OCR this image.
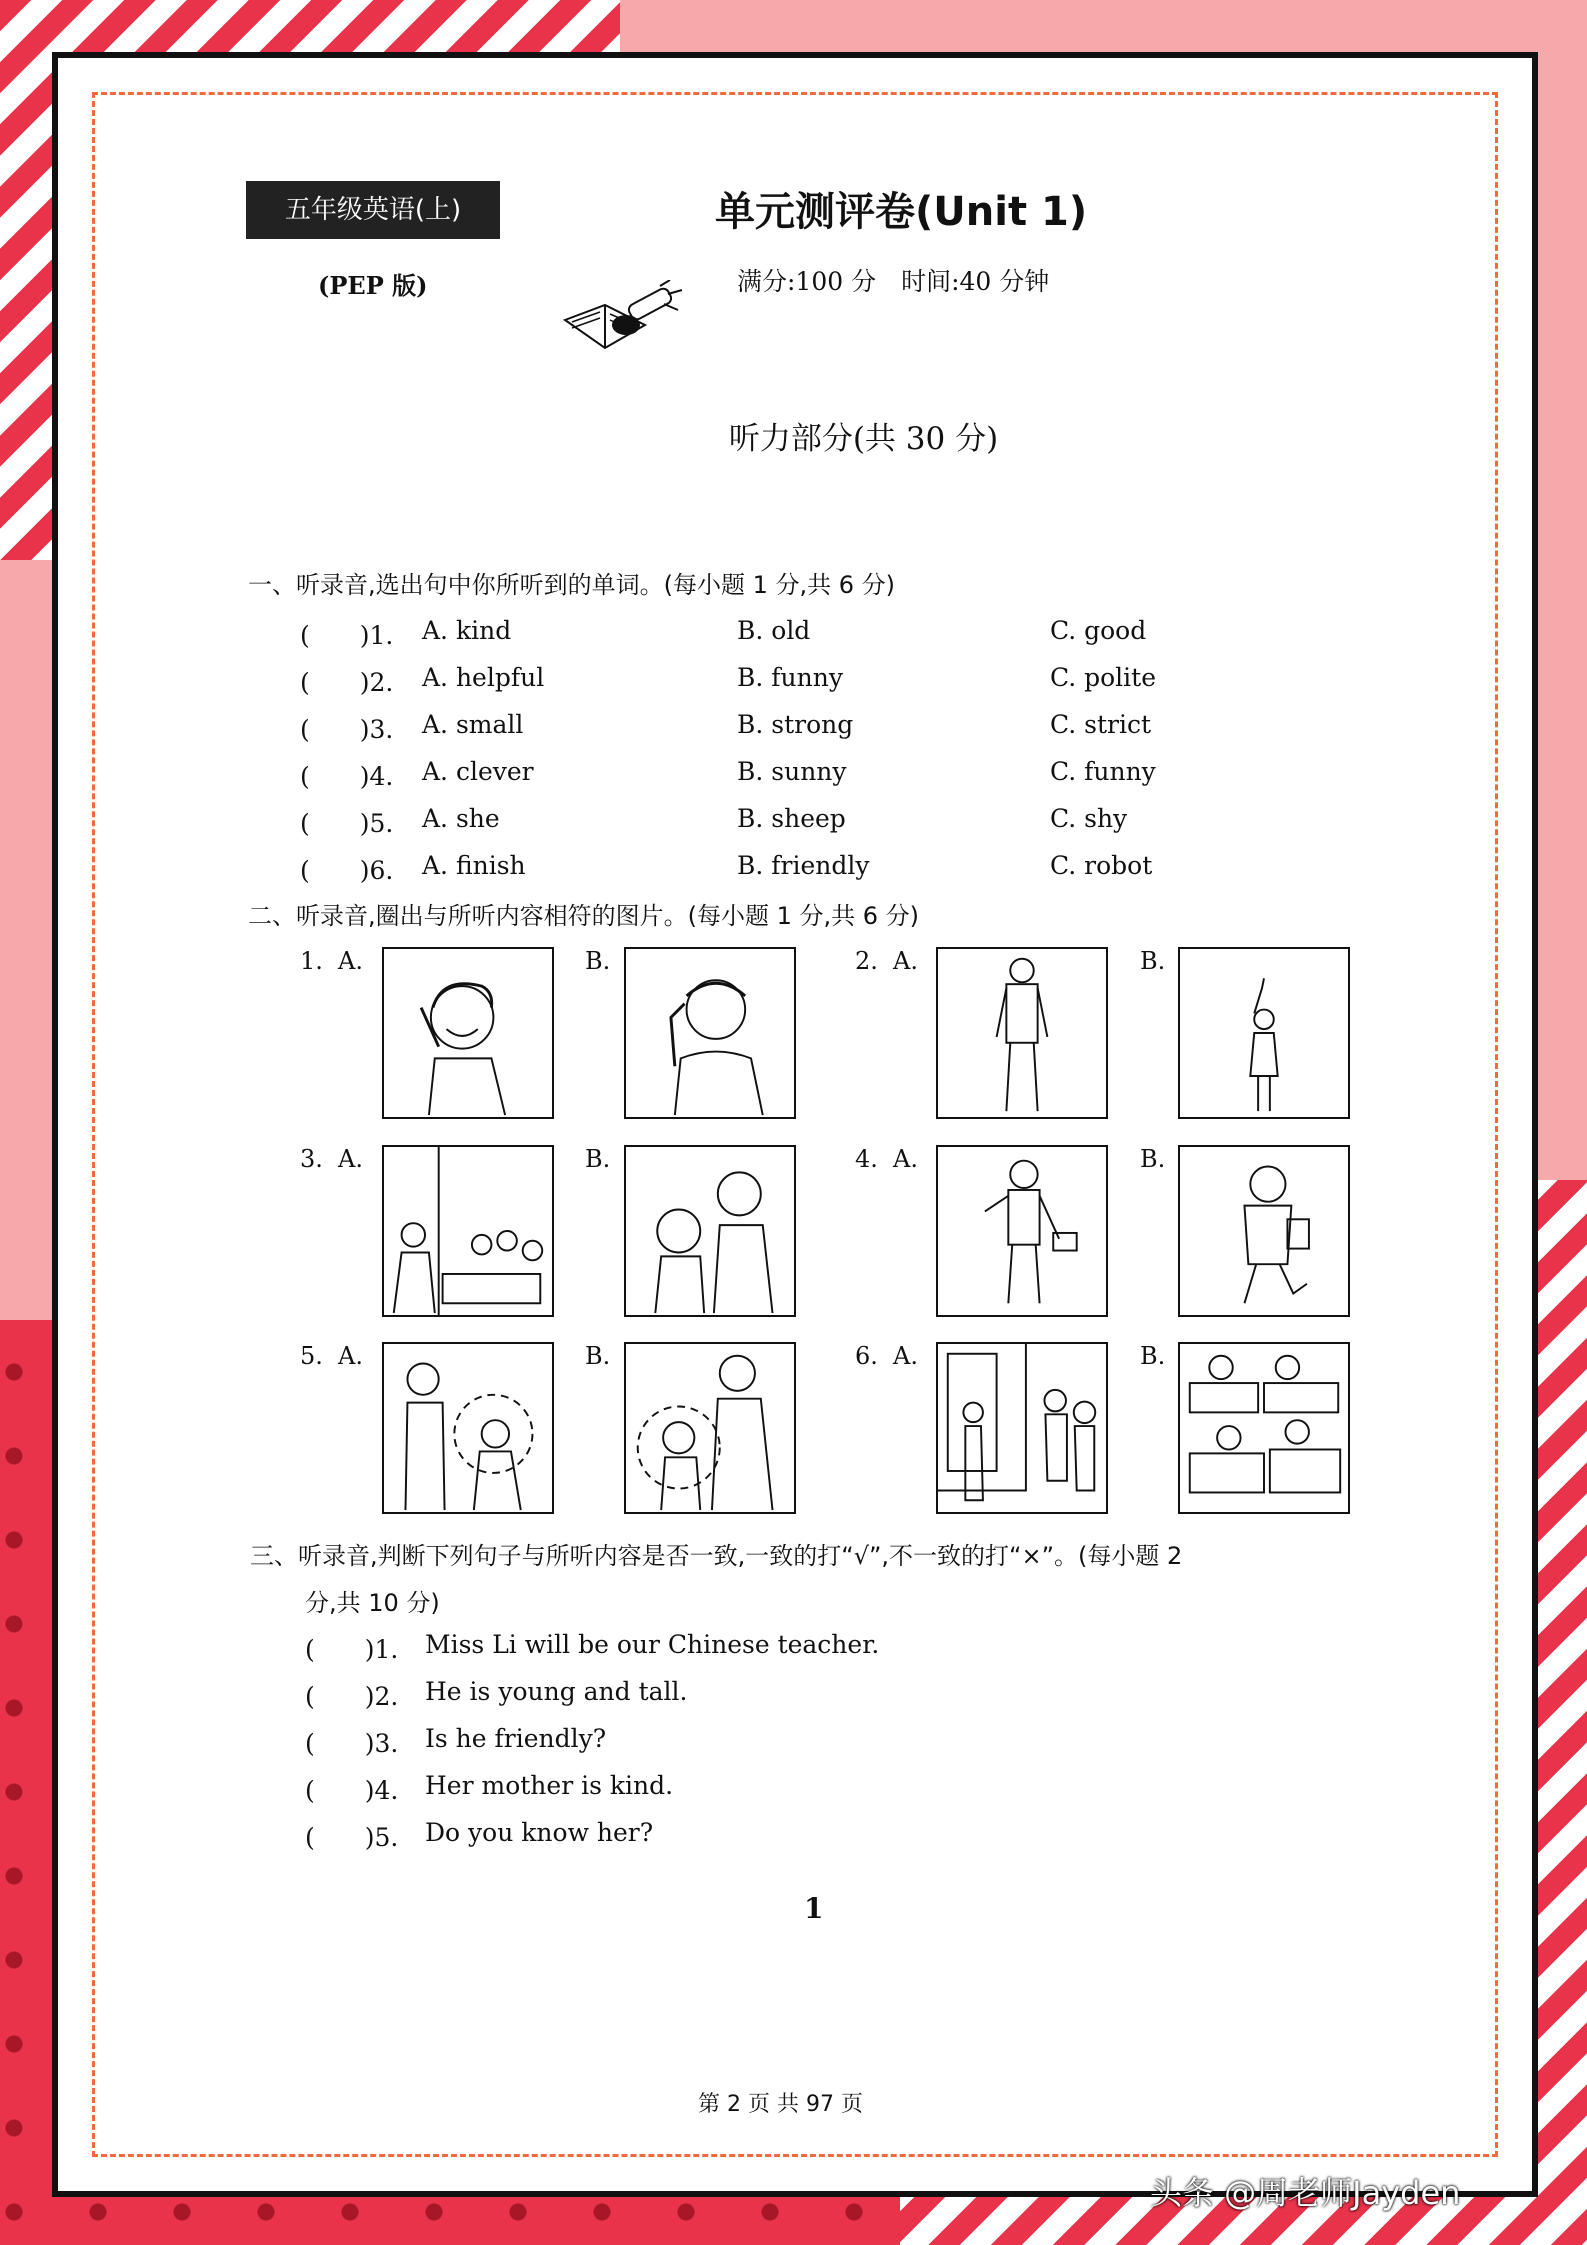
五年级英语(上)
(PEP 版)
单元测评卷(Unit 1)
满分:100 分　时间:40 分钟
听力部分(共 30 分)
一、听录音,选出句中你所听到的单词。(每小题 1 分,共 6 分)
(　　)1. A. kind	B. old	C. good
(　　)2. A. helpful	B. funny	C. polite
(　　)3. A. small	B. strong	C. strict
(　　)4. A. clever	B. sunny	C. funny
(　　)5. A. she	B. sheep	C. shy
(　　)6. A. finish	B. friendly	C. robot
二、听录音,圈出与所听内容相符的图片。(每小题 1 分,共 6 分)
1. A.	B.	2. A.	B.
3. A.	B.	4. A.	B.
5. A.	B.	6. A.	B.
三、听录音,判断下列句子与所听内容是否一致,一致的打“√”,不一致的打“×”。(每小题 2
分,共 10 分)
(　　)1. Miss Li will be our Chinese teacher.
(　　)2. He is young and tall.
(　　)3. Is he friendly?
(　　)4. Her mother is kind.
(　　)5. Do you know her?
1
第 2 页 共 97 页
头条 @周老师Jayden
